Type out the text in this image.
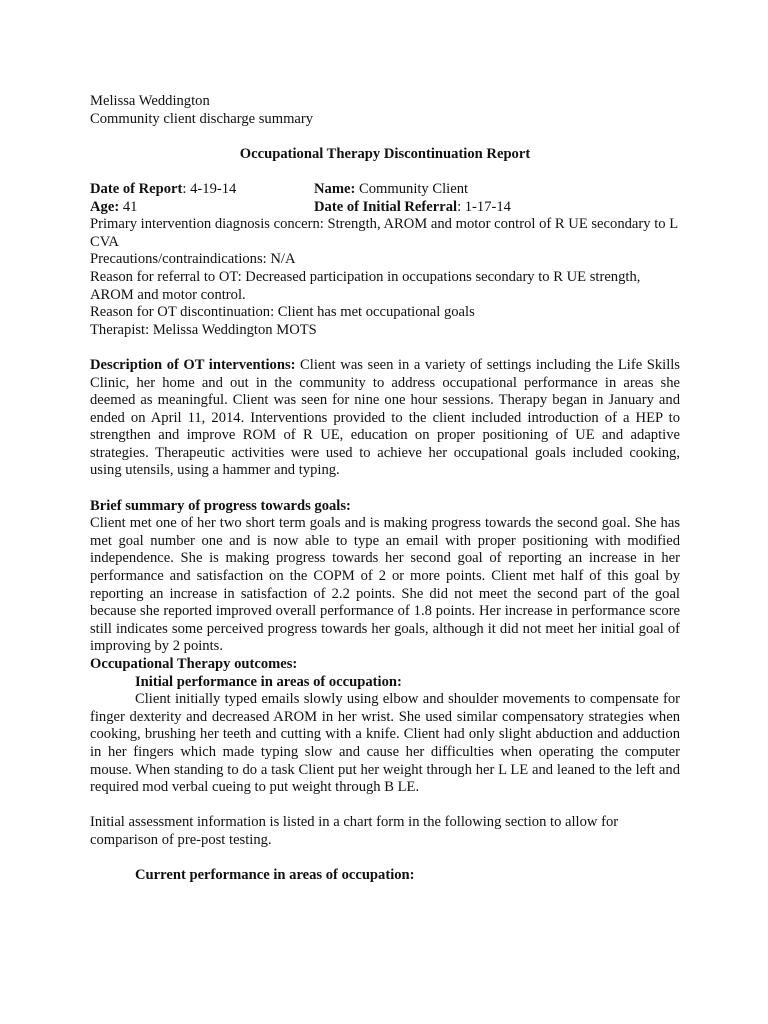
Melissa Weddington
Community client discharge summary
Occupational Therapy Discontinuation Report
Date of Report: 4-19-14	Name: Community Client
Age: 41	Date of Initial Referral: 1-17-14

Primary intervention diagnosis concern: Strength, AROM and motor control of R UE secondary to L CVA

Precautions/contraindications: N/A

Reason for referral to OT: Decreased participation in occupations secondary to R UE strength, AROM and motor control.

Reason for OT discontinuation: Client has met occupational goals

Therapist: Melissa Weddington MOTS

Description of OT interventions: Client was seen in a variety of settings including the Life Skills Clinic, her home and out in the community to address occupational performance in areas she deemed as meaningful. Client was seen for nine one hour sessions. Therapy began in January and ended on April 11, 2014. Interventions provided to the client included introduction of a HEP to strengthen and improve ROM of R UE, education on proper positioning of UE and adaptive strategies. Therapeutic activities were used to achieve her occupational goals included cooking, using utensils, using a hammer and typing.

Brief summary of progress towards goals:

Client met one of her two short term goals and is making progress towards the second goal. She has met goal number one and is now able to type an email with proper positioning with modified independence. She is making progress towards her second goal of reporting an increase in her performance and satisfaction on the COPM of 2 or more points. Client met half of this goal by reporting an increase in satisfaction of 2.2 points. She did not meet the second part of the goal because she reported improved overall performance of 1.8 points. Her increase in performance score still indicates some perceived progress towards her goals, although it did not meet her initial goal of improving by 2 points.

Occupational Therapy outcomes:

Initial performance in areas of occupation:

Client initially typed emails slowly using elbow and shoulder movements to compensate for finger dexterity and decreased AROM in her wrist. She used similar compensatory strategies when cooking, brushing her teeth and cutting with a knife. Client had only slight abduction and adduction in her fingers which made typing slow and cause her difficulties when operating the computer mouse. When standing to do a task Client put her weight through her L LE and leaned to the left and required mod verbal cueing to put weight through B LE.

Initial assessment information is listed in a chart form in the following section to allow for comparison of pre-post testing.

Current performance in areas of occupation:
